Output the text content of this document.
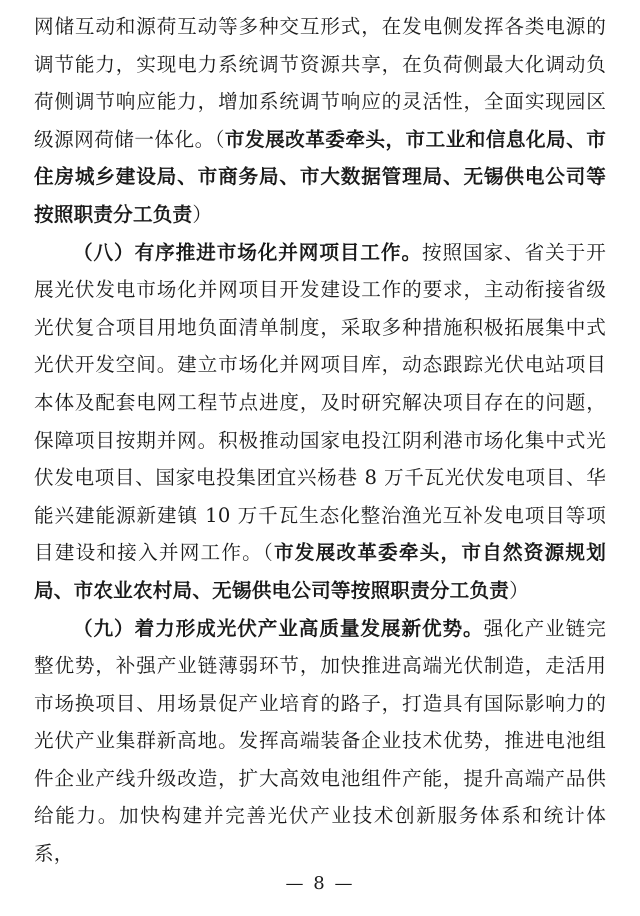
网储互动和源荷互动等多种交互形式，在发电侧发挥各类电源的调节能力，实现电力系统调节资源共享，在负荷侧最大化调动负荷侧调节响应能力，增加系统调节响应的灵活性，全面实现园区级源网荷储一体化。（市发展改革委牵头，市工业和信息化局、市住房城乡建设局、市商务局、市大数据管理局、无锡供电公司等按照职责分工负责）

（八）有序推进市场化并网项目工作。按照国家、省关于开展光伏发电市场化并网项目开发建设工作的要求，主动衔接省级光伏复合项目用地负面清单制度，采取多种措施积极拓展集中式光伏开发空间。建立市场化并网项目库，动态跟踪光伏电站项目本体及配套电网工程节点进度，及时研究解决项目存在的问题，保障项目按期并网。积极推动国家电投江阴利港市场化集中式光伏发电项目、国家电投集团宜兴杨巷 8 万千瓦光伏发电项目、华能兴建能源新建镇 10 万千瓦生态化整治渔光互补发电项目等项目建设和接入并网工作。（市发展改革委牵头，市自然资源规划局、市农业农村局、无锡供电公司等按照职责分工负责）

（九）着力形成光伏产业高质量发展新优势。强化产业链完整优势，补强产业链薄弱环节，加快推进高端光伏制造，走活用市场换项目、用场景促产业培育的路子，打造具有国际影响力的光伏产业集群新高地。发挥高端装备企业技术优势，推进电池组件企业产线升级改造，扩大高效电池组件产能，提升高端产品供给能力。加快构建并完善光伏产业技术创新服务体系和统计体系，

— 8 —
